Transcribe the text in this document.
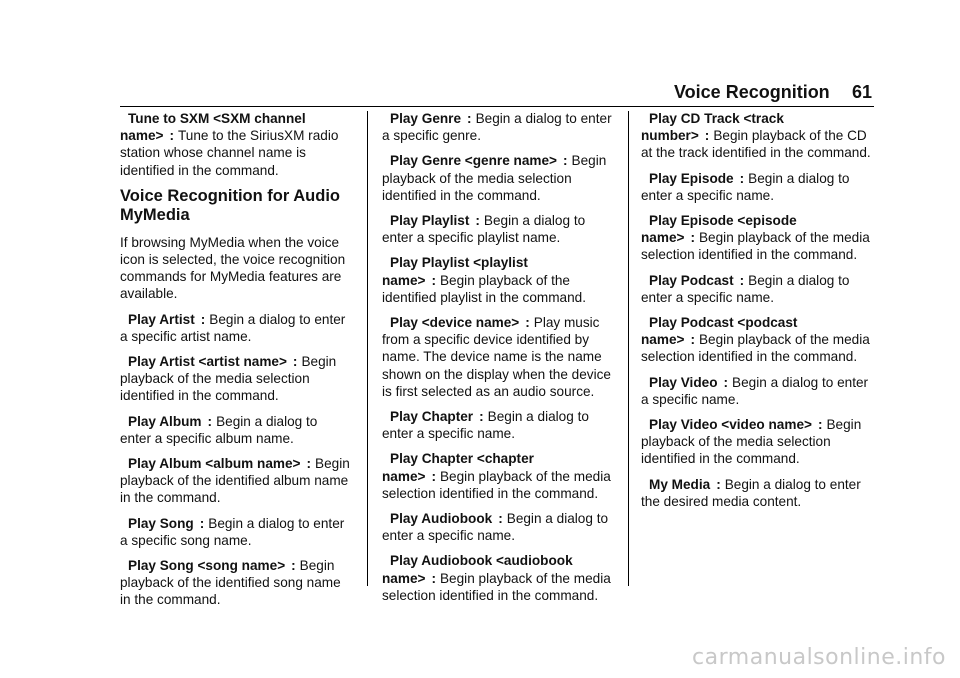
Voice Recognition 61

Tune to SXM <SXM channel name> : Tune to the SiriusXM radio station whose channel name is identified in the command.

Voice Recognition for Audio MyMedia

If browsing MyMedia when the voice icon is selected, the voice recognition commands for MyMedia features are available.

Play Artist : Begin a dialog to enter a specific artist name.

Play Artist <artist name> : Begin playback of the media selection identified in the command.

Play Album : Begin a dialog to enter a specific album name.

Play Album <album name> : Begin playback of the identified album name in the command.

Play Song : Begin a dialog to enter a specific song name.

Play Song <song name> : Begin playback of the identified song name in the command.

Play Genre : Begin a dialog to enter a specific genre.

Play Genre <genre name> : Begin playback of the media selection identified in the command.

Play Playlist : Begin a dialog to enter a specific playlist name.

Play Playlist <playlist name> : Begin playback of the identified playlist in the command.

Play <device name> : Play music from a specific device identified by name. The device name is the name shown on the display when the device is first selected as an audio source.

Play Chapter : Begin a dialog to enter a specific name.

Play Chapter <chapter name> : Begin playback of the media selection identified in the command.

Play Audiobook : Begin a dialog to enter a specific name.

Play Audiobook <audiobook name> : Begin playback of the media selection identified in the command.

Play CD Track <track number> : Begin playback of the CD at the track identified in the command.

Play Episode : Begin a dialog to enter a specific name.

Play Episode <episode name> : Begin playback of the media selection identified in the command.

Play Podcast : Begin a dialog to enter a specific name.

Play Podcast <podcast name> : Begin playback of the media selection identified in the command.

Play Video : Begin a dialog to enter a specific name.

Play Video <video name> : Begin playback of the media selection identified in the command.

My Media : Begin a dialog to enter the desired media content.

carmanualsonline.info
